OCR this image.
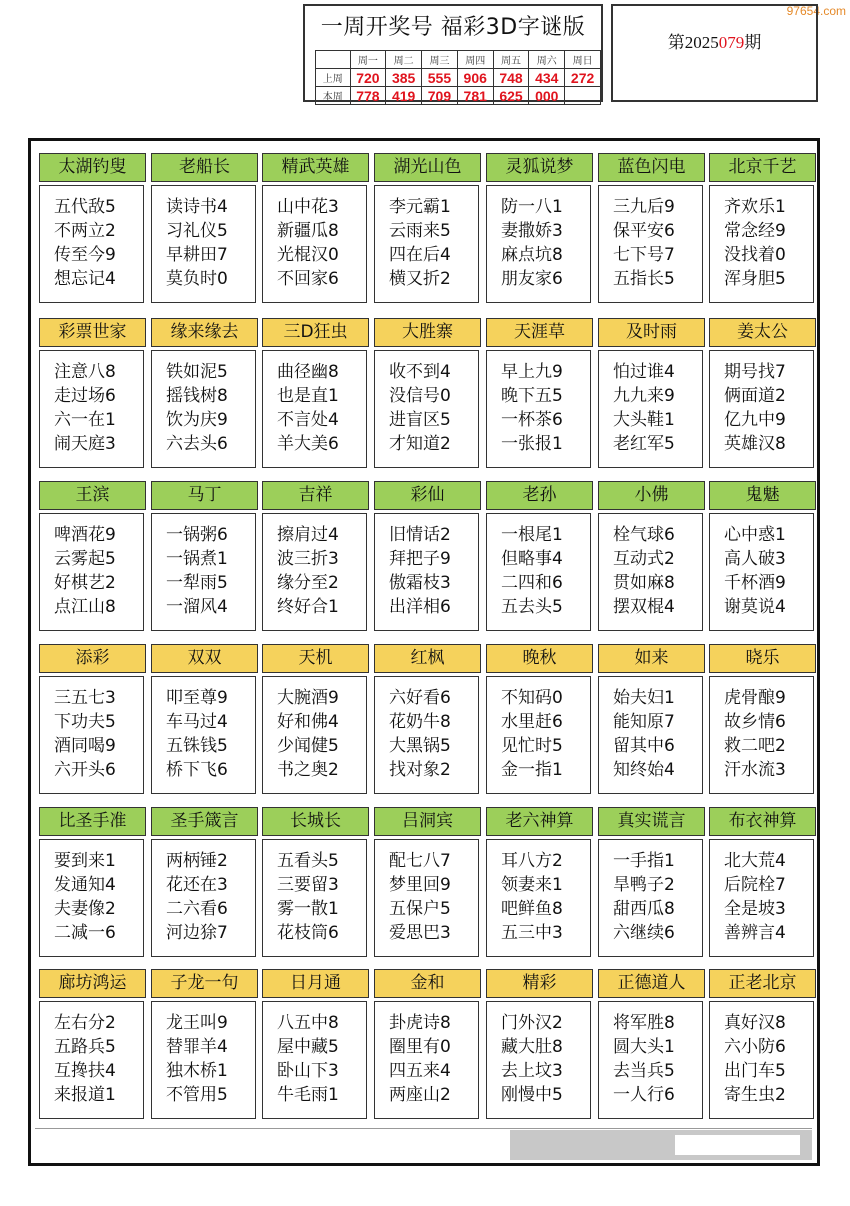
97654.com
一周开奖号 福彩3D字谜版
	周一	周二	周三	周四	周五	周六	周日
上周	720	385	555	906	748	434	272
本周	778	419	709	781	625	000	
第2025079期
太湖钓叟
五代敌5
不两立2
传至今9
想忘记4
老船长
读诗书4
习礼仪5
早耕田7
莫负时0
精武英雄
山中花3
新疆瓜8
光棍汉0
不回家6
湖光山色
李元霸1
云雨来5
四在后4
横又折2
灵狐说梦
防一八1
妻撒娇3
麻点坑8
朋友家6
蓝色闪电
三九后9
保平安6
七下号7
五指长5
北京千艺
齐欢乐1
常念经9
没找着0
浑身胆5
彩票世家
注意八8
走过场6
六一在1
闹天庭3
缘来缘去
铁如泥5
摇钱树8
饮为庆9
六去头6
三D狂虫
曲径幽8
也是直1
不言处4
羊大美6
大胜寨
收不到4
没信号0
进盲区5
才知道2
天涯草
早上九9
晚下五5
一杯茶6
一张报1
及时雨
怕过谁4
九九来9
大头鞋1
老红军5
姜太公
期号找7
俩面道2
亿九中9
英雄汉8
王滨
啤酒花9
云雾起5
好棋艺2
点江山8
马丁
一锅粥6
一锅煮1
一犁雨5
一溜风4
吉祥
擦肩过4
波三折3
缘分至2
终好合1
彩仙
旧情话2
拜把子9
傲霜枝3
出洋相6
老孙
一根尾1
但略事4
二四和6
五去头5
小佛
栓气球6
互动式2
贯如麻8
摆双棍4
鬼魅
心中惑1
高人破3
千杯酒9
谢莫说4
添彩
三五七3
下功夫5
酒同喝9
六开头6
双双
叩至尊9
车马过4
五铢钱5
桥下飞6
天机
大腕酒9
好和佛4
少闻健5
书之奥2
红枫
六好看6
花奶牛8
大黑锅5
找对象2
晚秋
不知码0
水里赶6
见忙时5
金一指1
如来
始夫妇1
能知原7
留其中6
知终始4
晓乐
虎骨酿9
故乡情6
救二吧2
汗水流3
比圣手准
要到来1
发通知4
夫妻像2
二减一6
圣手箴言
两柄锤2
花还在3
二六看6
河边狳7
长城长
五看头5
三要留3
雾一散1
花枝筒6
吕洞宾
配七八7
梦里回9
五保户5
爱思巴3
老六神算
耳八方2
领妻来1
吧鲜鱼8
五三中3
真实谎言
一手指1
旱鸭子2
甜西瓜8
六继续6
布衣神算
北大荒4
后院栓7
全是坡3
善辨言4
廊坊鸿运
左右分2
五路兵5
互搀扶4
来报道1
子龙一句
龙王叫9
替罪羊4
独木桥1
不管用5
日月通
八五中8
屋中藏5
卧山下3
牛毛雨1
金和
卦虎诗8
圈里有0
四五来4
两座山2
精彩
门外汉2
藏大肚8
去上坟3
刚慢中5
正德道人
将军胜8
圆大头1
去当兵5
一人行6
正老北京
真好汉8
六小防6
出门车5
寄生虫2
